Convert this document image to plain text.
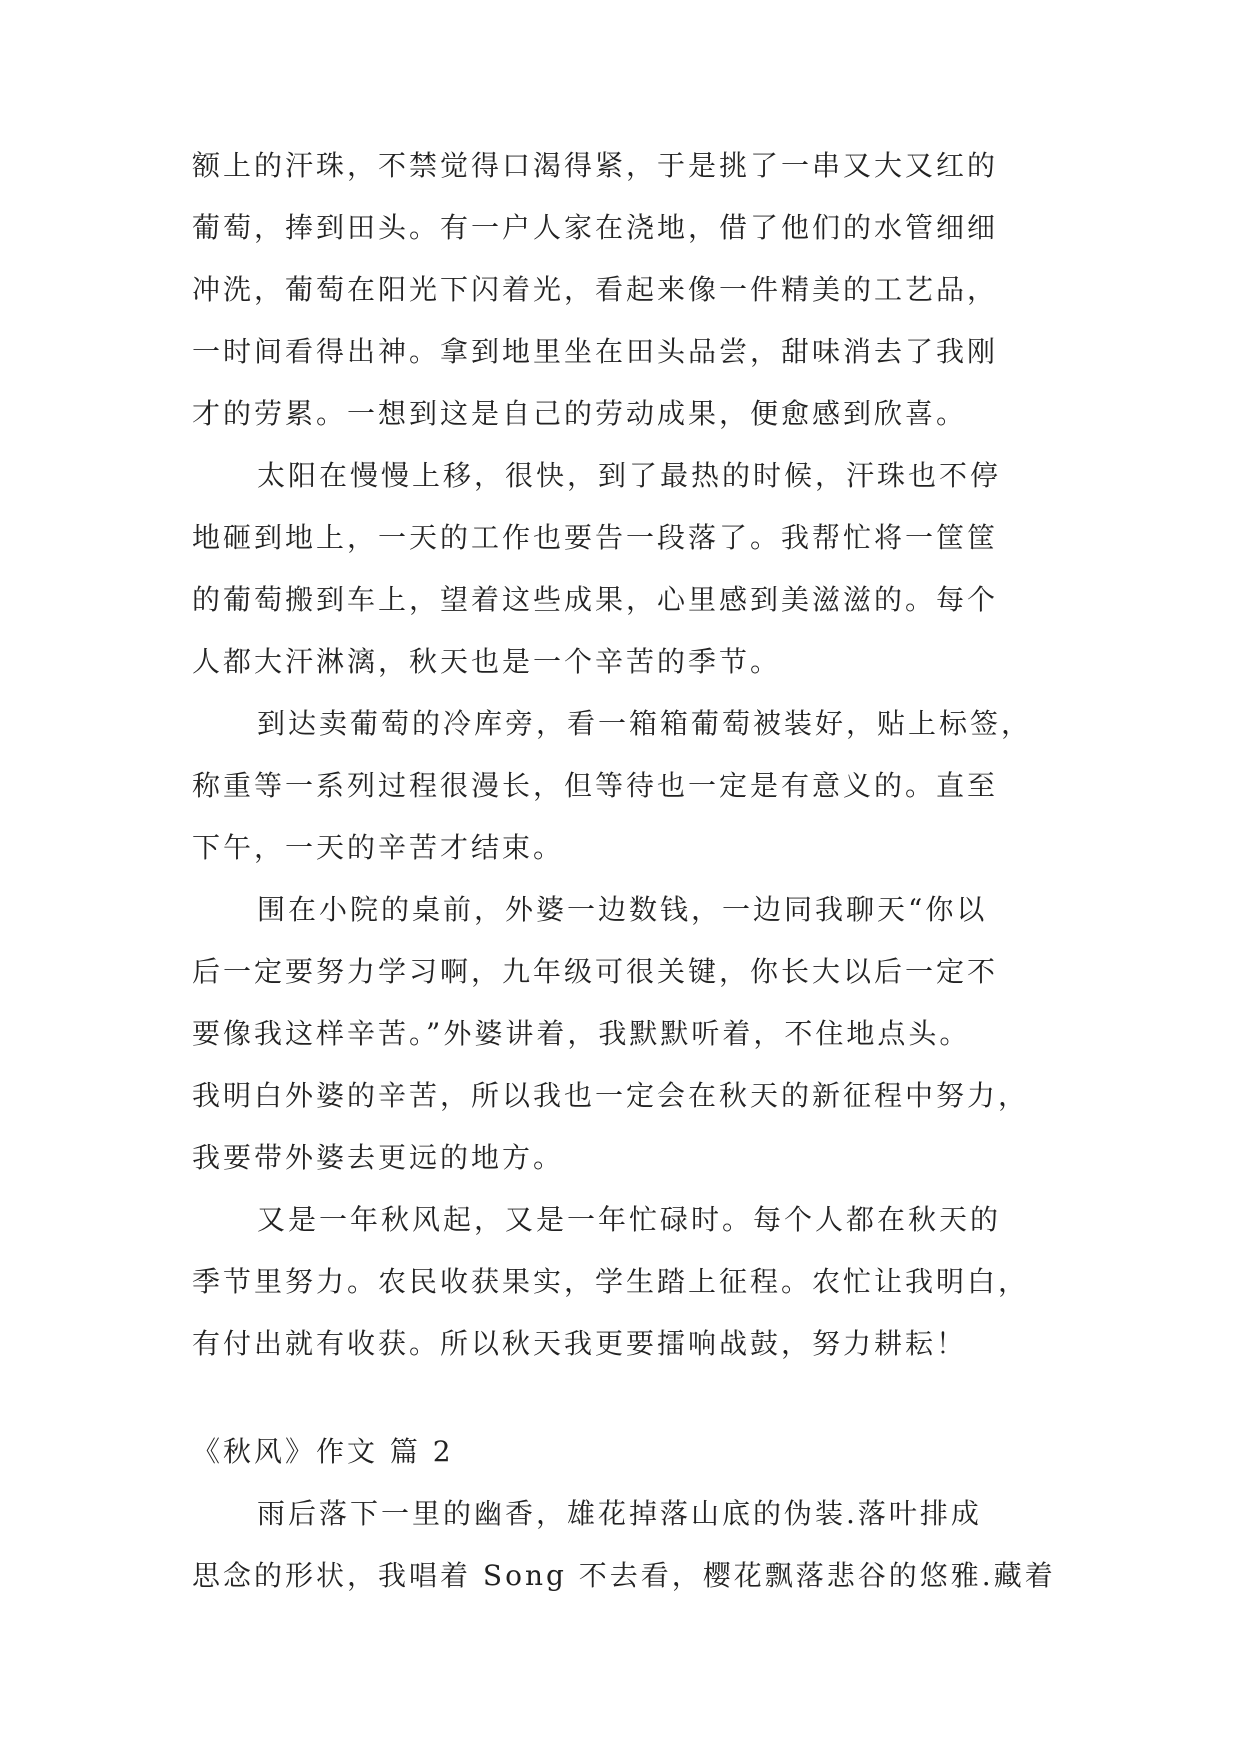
额上的汗珠，不禁觉得口渴得紧，于是挑了一串又大又红的
葡萄，捧到田头。有一户人家在浇地，借了他们的水管细细
冲洗，葡萄在阳光下闪着光，看起来像一件精美的工艺品，
一时间看得出神。拿到地里坐在田头品尝，甜味消去了我刚
才的劳累。一想到这是自己的劳动成果，便愈感到欣喜。
太阳在慢慢上移，很快，到了最热的时候，汗珠也不停
地砸到地上，一天的工作也要告一段落了。我帮忙将一筐筐
的葡萄搬到车上，望着这些成果，心里感到美滋滋的。每个
人都大汗淋漓，秋天也是一个辛苦的季节。
到达卖葡萄的冷库旁，看一箱箱葡萄被装好，贴上标签，
称重等一系列过程很漫长，但等待也一定是有意义的。直至
下午，一天的辛苦才结束。
围在小院的桌前，外婆一边数钱，一边同我聊天“你以
后一定要努力学习啊，九年级可很关键，你长大以后一定不
要像我这样辛苦。”外婆讲着，我默默听着，不住地点头。
我明白外婆的辛苦，所以我也一定会在秋天的新征程中努力，
我要带外婆去更远的地方。
又是一年秋风起，又是一年忙碌时。每个人都在秋天的
季节里努力。农民收获果实，学生踏上征程。农忙让我明白，
有付出就有收获。所以秋天我更要擂响战鼓，努力耕耘！
《秋风》作文 篇 2
雨后落下一里的幽香，雄花掉落山底的伪装.落叶排成
思念的形状，我唱着 Song 不去看，樱花飘落悲谷的悠雅.藏着
